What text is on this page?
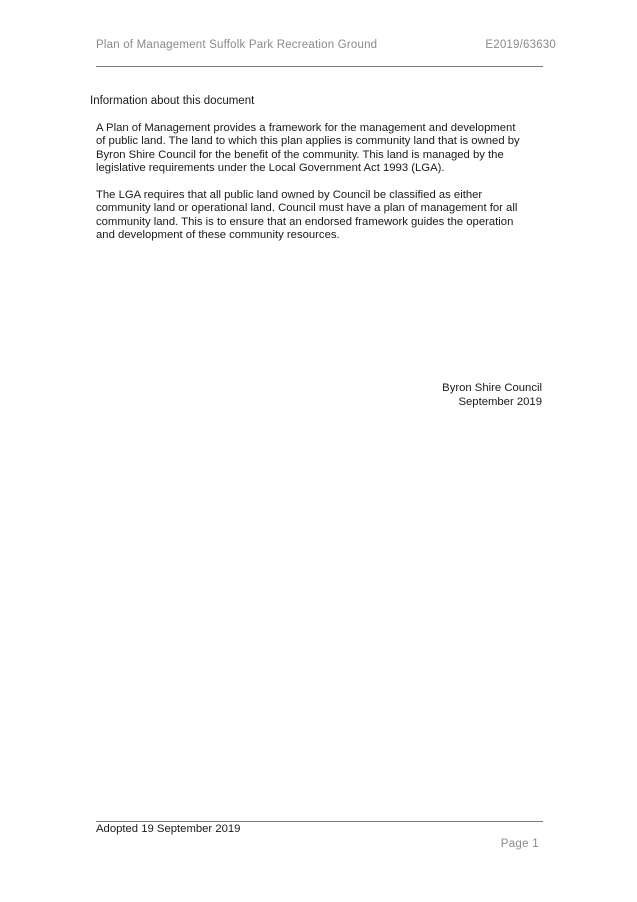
Plan of Management Suffolk Park Recreation Ground	E2019/63630
Information about this document
A Plan of Management provides a framework for the management and development
of public land. The land to which this plan applies is community land that is owned by
Byron Shire Council for the benefit of the community. This land is managed by the
legislative requirements under the Local Government Act 1993 (LGA).
The LGA requires that all public land owned by Council be classified as either
community land or operational land. Council must have a plan of management for all
community land. This is to ensure that an endorsed framework guides the operation
and development of these community resources.
Byron Shire Council
September 2019
Adopted 19 September 2019
Page 1
